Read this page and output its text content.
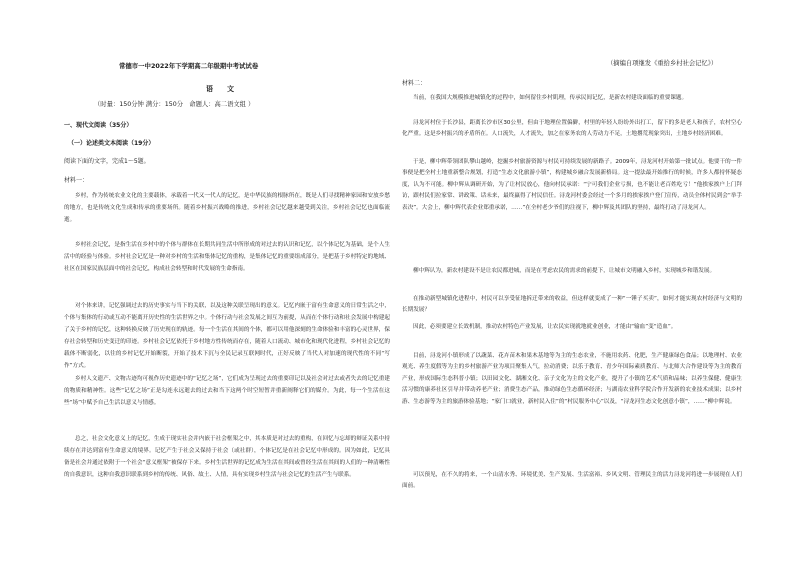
（摘编自项继发《重拾乡村社会记忆》）
常德市一中2022年下学期高二年级期中考试试卷
语　　文
（时量：150分钟 满分：150分　命题人：高二语文组 ）
一、现代文阅读（35分）
（一）论述类文本阅读（19分）
阅读下面的文字，完成1～5题。
材料一：

乡村，作为传统农业文化的主要载体，承载着一代又一代人的记忆，是中华民族的根脉所在，既是人们寻找精神家园和安放乡愁的地方，也是传统文化生成和传承的重要场所。随着乡村振兴战略的推进，乡村社会记忆越来越受到关注，乡村社会记忆也面临流逝。

乡村社会记忆，是指生活在乡村中的个体与群体在长期共同生活中所形成的对过去的认识和记忆，以个体记忆为基础，是个人生活中的经验与体验。乡村社会记忆是一种对乡村的生活和集体记忆的重构，是集体记忆的重要组成部分，是把基于乡村特定的地域、社区在国家民族层面中的社会记忆，构成社会转型和时代发展的生命指南。

对个体来讲，记忆强调过去的历史事实与当下的关联，以及这种关联呈现出的意义。记忆内嵌于富有生命意义的日常生活之中，个体与集体的行动或互动不能离开历史性的生活世界之中。个体行动与社会发展之间互为前提，从而在个体行动和社会发展中构建起了关于乡村的记忆，这种转换反映了历史现在的轨迹。每一个生活在其间的个体，都可以用他深刻的生命体验和丰富的心灵世界，保存社会转型和历史变迁的印迹。乡村社会记忆依托于乡村地方性传统而存在，随着人口流动、城市化和现代化进程，乡村社会记忆的载体不断弱化，以往的乡村记忆开始断裂，开始了技术下沉与全民记录互联网时代，正好反映了当代人对加速的现代性的不同“写作”方式。

乡村人文遗产、文物古迹均可视作历史遗迹中的“记忆之场”，它们成为呈现过去的重要印记以及社会对过去或者失去的记忆重建的物质和精神性。这些“记忆之场”正是勾连永远逝去的过去和当下这两个时空短暂并重新阐释它们的媒介。为此，每一个生活在这些“场”中赋予自己生活以意义与情感。

总之，社会文化意义上的记忆，生成于现实社会并内嵌于社会框架之中，其本质是对过去的重构，在回忆与忘却的辩证关系中持续存在并达到富有生命意义的境界。记忆产生于社会又保持于社会（或社群），个体记忆是在社会记忆中形成的。因为如此，记忆具备是社会并通过依附于一个社会“意义框架”被保存下来。乡村生活世界的记忆成为生活在其间或曾经生活在其间的人们的一种清晰性的自我意识，这种自我意识联系到乡村的传统、风俗、故土、人情，具有实现乡村生活与社会记忆的生活产生与联系。

材料二：

当前，在我国大规模推进城镇化的过程中，如何留住乡村肌理，传承民间记忆，是新农村建设面临的重要课题。

浔龙河村位于长沙县，距离长沙市区30公里，但由于地理位置偏僻，村里的年轻人纷纷外出打工，留下的多是老人和孩子，农村空心化严重。这是乡村振兴的矛盾所在。人口流失，人才流失，加之在家务农的人劳动力不足，土地撂荒现象突出，土地乡村经济困难。

于是，柳中辉带领团队攀山越岭，挖掘乡村旅游资源与村民可持续发展的新路子。2009年，浔龙河村开始第一批试点。他要干的一件事便是把全村土地重新整合规划，打造“生态文化旅游小镇”，构建城乡融合发展新格局。这一提法最开始推行的时候，许多人都持怀疑态度，认为不可能。柳中辉从调研开始，为了让村民放心，他向村民承诺：“宁可我们企业亏损，也不能让老百姓吃亏！”他挨家挨户上门拜访，跟村民们拉家常、讲政策、话未来，最终赢得了村民信任。浔龙河村委会经过一个多月的挨家挨户登门宣传，动员全体村民到会“举手表决”。大会上，柳中辉代表企业郑重承诺，……”在全村老少爷们的注视下，柳中辉及其团队的坚持，最终打动了浔龙河人。

柳中辉认为，新农村建设不是让农民都进城，而是在考虑农民的需求的前提下，让城市文明融入乡村，实现城乡和谐发展。

在推动新型城镇化进程中，村民可以享受征地拆迁带来的收益，但这样就变成了一种“一锤子买卖”，如何才能实现农村经济与文明的长期发展？

因此，必须要建立长效机制，推动农村特色产业发展，让农民实现就地就业创业，才能由“输血”变“造血”。

目前，浔龙河小镇形成了以蔬菜、花卉苗木和果木基地等为主的生态农业，不施用农药、化肥，生产健康绿色食品；以地理村、农业观光、养生度假等为主的乡村旅游产业为项目聚集人气，拉动消费；以乐于教育、青少年国际素质教育、与北师大合作建设等为主的教育产业，形成国际生态科普小镇；以田园文化、湖湘文化、亲子文化为主的文化产业，提升了小镇的艺术气质和品味；以养生保健、健康生活习惯的康养社区引导并带动养老产业；消费生态产品，推动绿色生态循环经济；与湖南农业科学院合作开发新的农业技术成果；以乡村游、生态游等为主的旅游体验基地；“家门口就业，新村民入住”的“村民服务中心”以及，“浔龙河生态文化创意小镇”，……”柳中辉说。

可以预见，在不久的将来，一个山清水秀、环境优美、生产发展、生活富裕、乡风文明、管理民主的活力浔龙河将进一步展现在人们面前。
